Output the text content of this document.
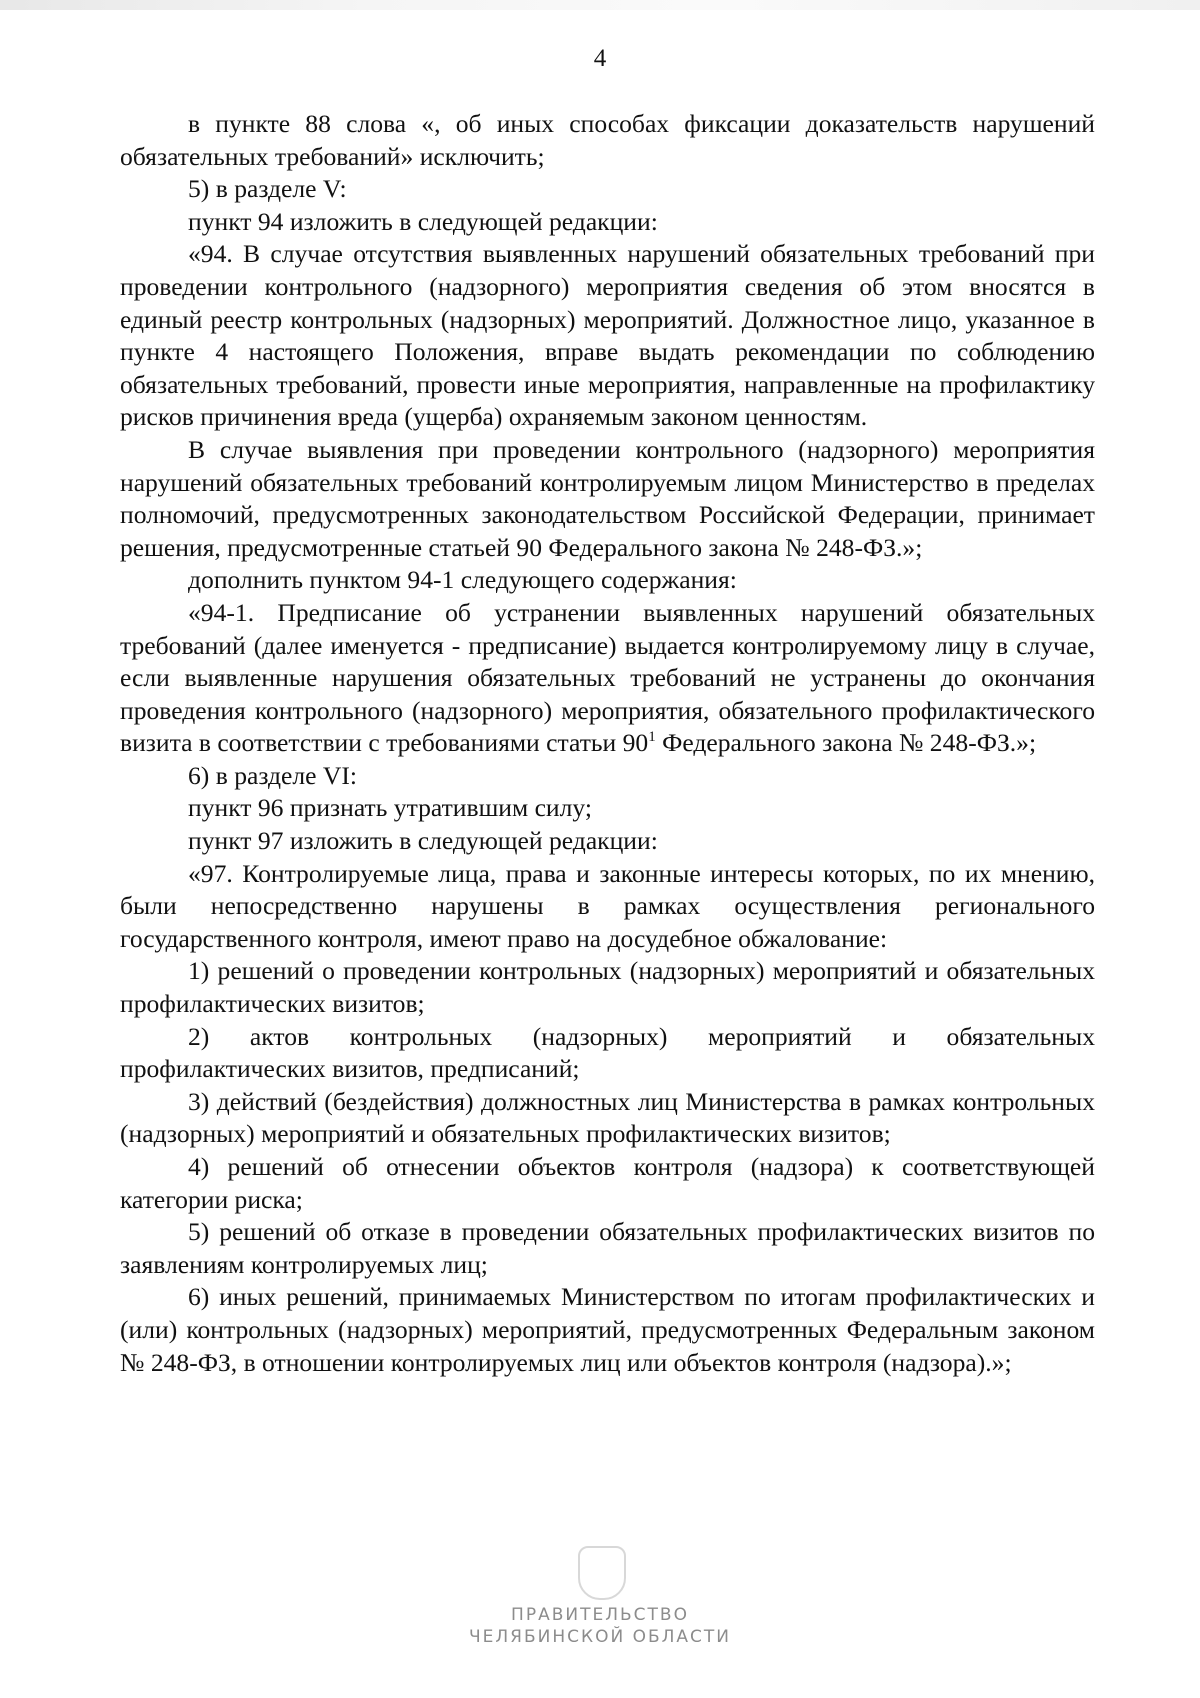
4

в пункте 88 слова «, об иных способах фиксации доказательств нарушений обязательных требований» исключить;

5) в разделе V:

пункт 94 изложить в следующей редакции:

«94. В случае отсутствия выявленных нарушений обязательных требований при проведении контрольного (надзорного) мероприятия сведения об этом вносятся в единый реестр контрольных (надзорных) мероприятий. Должностное лицо, указанное в пункте 4 настоящего Положения, вправе выдать рекомендации по соблюдению обязательных требований, провести иные мероприятия, направленные на профилактику рисков причинения вреда (ущерба) охраняемым законом ценностям.

В случае выявления при проведении контрольного (надзорного) мероприятия нарушений обязательных требований контролируемым лицом Министерство в пределах полномочий, предусмотренных законодательством Российской Федерации, принимает решения, предусмотренные статьей 90 Федерального закона № 248-ФЗ.»;

дополнить пунктом 94-1 следующего содержания:

«94-1. Предписание об устранении выявленных нарушений обязательных требований (далее именуется - предписание) выдается контролируемому лицу в случае, если выявленные нарушения обязательных требований не устранены до окончания проведения контрольного (надзорного) мероприятия, обязательного профилактического визита в соответствии с требованиями статьи $90^1$ Федерального закона № 248-ФЗ.»;

6) в разделе VI:

пункт 96 признать утратившим силу;

пункт 97 изложить в следующей редакции:

«97. Контролируемые лица, права и законные интересы которых, по их мнению, были непосредственно нарушены в рамках осуществления регионального государственного контроля, имеют право на досудебное обжалование:

1) решений о проведении контрольных (надзорных) мероприятий и обязательных профилактических визитов;

2) актов контрольных (надзорных) мероприятий и обязательных профилактических визитов, предписаний;

3) действий (бездействия) должностных лиц Министерства в рамках контрольных (надзорных) мероприятий и обязательных профилактических визитов;

4) решений об отнесении объектов контроля (надзора) к соответствующей категории риска;

5) решений об отказе в проведении обязательных профилактических визитов по заявлениям контролируемых лиц;

6) иных решений, принимаемых Министерством по итогам профилактических и (или) контрольных (надзорных) мероприятий, предусмотренных Федеральным законом № 248-ФЗ, в отношении контролируемых лиц или объектов контроля (надзора).»;

ПРАВИТЕЛЬСТВО
ЧЕЛЯБИНСКОЙ ОБЛАСТИ
